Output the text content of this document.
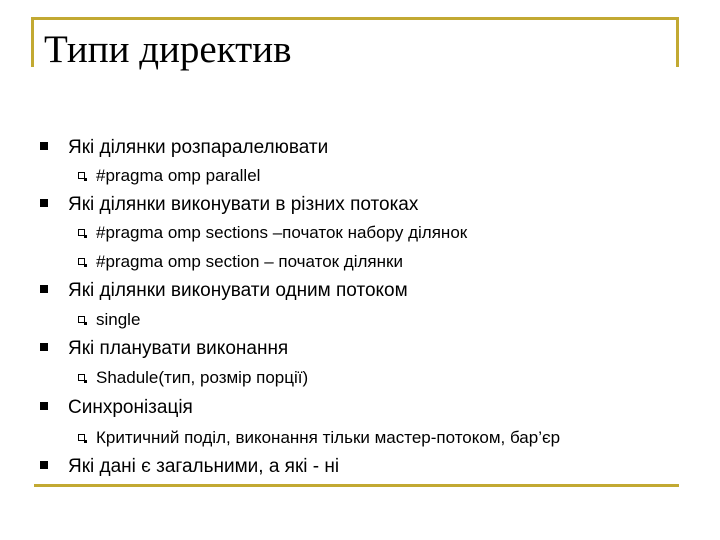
Типи директив
Які ділянки розпаралелювати
#pragma omp parallel
Які ділянки виконувати в різних потоках
#pragma omp sections –початок набору ділянок
#pragma omp section – початок ділянки
Які ділянки виконувати одним потоком
single
Які планувати виконання
Shadule(тип, розмір порції)
Синхронізація
Критичний поділ, виконання тільки мастер-потоком, бар’єр
Які дані є загальними, а які - ні
